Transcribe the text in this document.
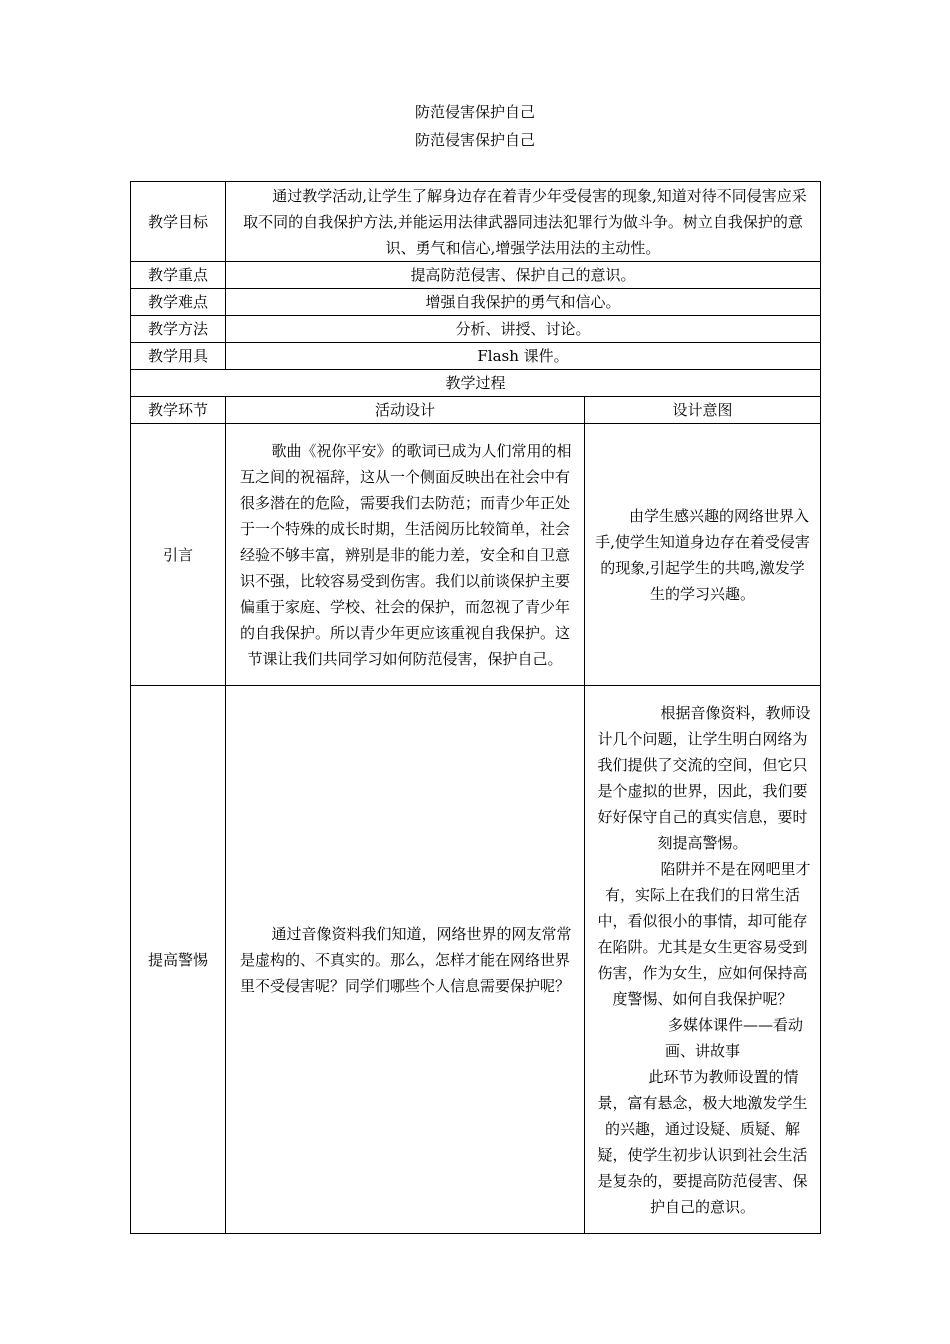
防范侵害保护自己
防范侵害保护自己
教学目标	通过教学活动,让学生了解身边存在着青少年受侵害的现象,知道对待不同侵害应采取不同的自我保护方法,并能运用法律武器同违法犯罪行为做斗争。树立自我保护的意识、勇气和信心,增强学法用法的主动性。	

教学重点	提高防范侵害、保护自己的意识。	
教学难点	增强自我保护的勇气和信心。	
教学方法	分析、讲授、讨论。	
教学用具	Flash 课件。	
教学过程		
教学环节	活动设计	设计意图
引言	歌曲《祝你平安》的歌词已成为人们常用的相互之间的祝福辞，这从一个侧面反映出在社会中有很多潜在的危险，需要我们去防范；而青少年正处于一个特殊的成长时期，生活阅历比较简单，社会经验不够丰富，辨别是非的能力差，安全和自卫意识不强，比较容易受到伤害。我们以前谈保护主要偏重于家庭、学校、社会的保护，而忽视了青少年的自我保护。所以青少年更应该重视自我保护。这节课让我们共同学习如何防范侵害，保护自己。	由学生感兴趣的网络世界入手,使学生知道身边存在着受侵害的现象,引起学生的共鸣,激发学生的学习兴趣。

提高警惕	通过音像资料我们知道，网络世界的网友常常是虚构的、不真实的。那么，怎样才能在网络世界里不受侵害呢？同学们哪些个人信息需要保护呢？	根据音像资料，教师设计几个问题，让学生明白网络为我们提供了交流的空间，但它只是个虚拟的世界，因此，我们要好好保守自己的真实信息，要时刻提高警惕。

陷阱并不是在网吧里才有，实际上在我们的日常生活中，看似很小的事情，却可能存在陷阱。尤其是女生更容易受到伤害，作为女生，应如何保持高度警惕、如何自我保护呢？

多媒体课件——看动画、讲故事

此环节为教师设置的情景，富有悬念，极大地激发学生的兴趣，通过设疑、质疑、解疑，使学生初步认识到社会生活是复杂的，要提高防范侵害、保护自己的意识。
